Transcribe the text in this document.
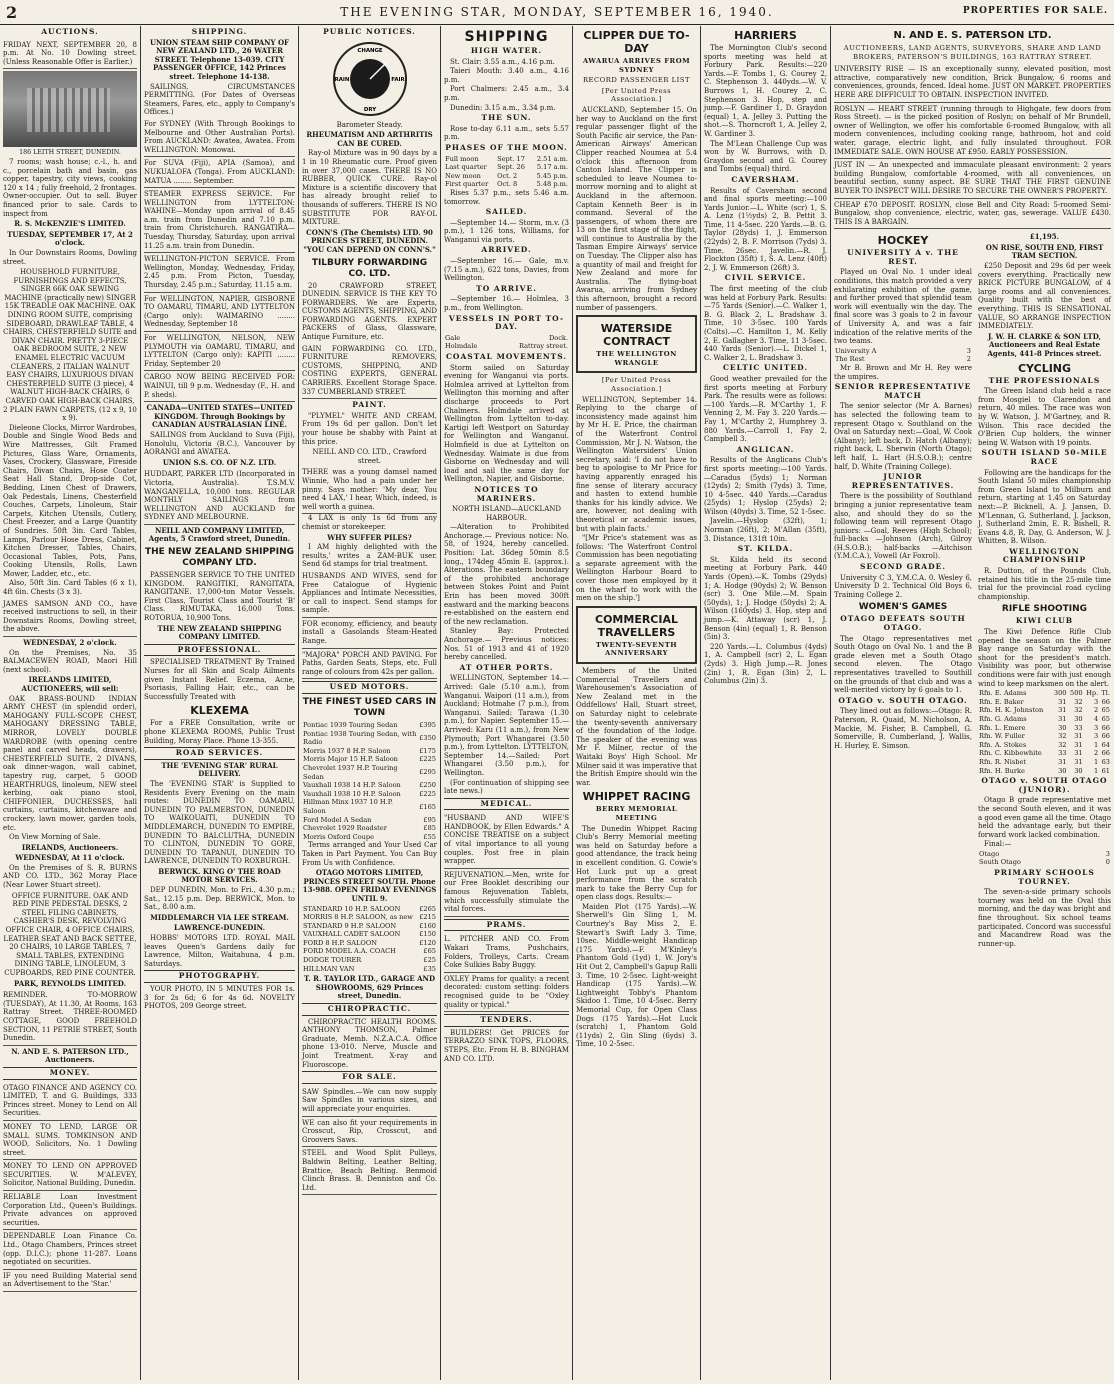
2	THE EVENING STAR, MONDAY, SEPTEMBER 16, 1940.	PROPERTIES FOR SALE.
AUCTIONS.
FRIDAY NEXT, SEPTEMBER 20, 8 p.m. At No. 10 Dowling street. (Unless Reasonable Offer is Earlier.)
186 LEITH STREET, DUNEDIN.
7 rooms; wash house; c.-l., h. and c., porcelain bath and basin, gas copper, tapestry, city views, cooking 120 x 14 ; fully freehold, 2 frontages. Owner-occupier. Out to sell. Buyer financed prior to sale. Cards to inspect from
R. S. McKENZIE'S LIMITED.
TUESDAY, SEPTEMBER 17, At 2 o'clock.
In Our Downstairs Rooms, Dowling street.
HOUSEHOLD FURNITURE, FURNISHINGS AND EFFECTS, SINGER 66K OAK SEWING MACHINE (practically new) SINGER 15K TREADLE OAK MACHINE. OAK DINING ROOM SUITE, comprising SIDEBOARD, DRAWLEAF TABLE, 4 CHAIRS, CHESTERFIELD SUITE and DIVAN CHAIR. PRETTY 3-PIECE OAK BEDROOM SUITE, 2 NEW ENAMEL ELECTRIC VACUUM CLEANERS, 2 ITALIAN WALNUT EASY CHAIRS, LUXURIOUS DIVAN CHESTERFIELD SUITE (3 piece), 4 WALNUT HIGH-BACK CHAIRS, 6 CARVED OAK HIGH-BACK CHAIRS, 2 PLAIN FAWN CARPETS, (12 x 9, 10 x 9).
Dieleone Clocks, Mirror Wardrobes, Double and Single Wood Beds and Wire Mattresses, Gilt Framed Pictures, Glass Ware, Ornaments, Vases, Crockery, Glassware, Fireside Chairs, Divan Chairs, Hose Coater Seat Hall Stand, Drop-side Cot, Bedding, Linen Chest of Drawers, Oak Pedestals, Linens, Chesterfield Couches, Carpets, Linoleum, Stair Carpets, Kitchen Utensils, Cutlery, Chest Freezer, and a Large Quantity of Sundries. 50ft 3in. Card Tables, Lamps, Parlour Hose Dress, Cabinet, Kitchen Dresser, Tables, Chairs, Occasional Tables, Pots, Pans, Cooking Utensils, Rolls, Lawn Mower, Ladder, etc., etc.
Also, 50ft 3in. Card Tables (6 x 1), 4ft 6in. Chests (3 x 3).
JAMES SAMSON AND CO., have received instructions to sell, in their Downstairs Rooms, Dowling street, the above.
WEDNESDAY, 2 o'clock.
On the Premises, No. 35 BALMACEWEN ROAD, Maori Hill (next school).
IRELANDS LIMITED, AUCTIONEERS, will sell:
OAK BRASS-BOUND INDIAN ARMY CHEST (in splendid order), MAHOGANY FULL-SCOPE CHEST, MAHOGANY DRESSING TABLE, MIRROR, LOVELY DOUBLE WARDROBE (with opening centre panel and carved heads, drawers), CHESTERFIELD SUITE, 2 DIVANS, oak dinner-wagon, wall cabinet, tapestry rug, carpet, 5 GOOD HEARTHRUGS, linoleum, NEW steel kerbing, oak piano stool, CHIFFONIER, DUCHESSES, hall curtains, curtains, kitchenware and crockery, lawn mower, garden tools, etc.
On View Morning of Sale.
IRELANDS, Auctioneers.
WEDNESDAY, At 11 o'clock.
On the Premises of S. R. BURNS AND CO. LTD., 362 Moray Place (Near Lower Stuart street).
OFFICE FURNITURE. OAK AND RED PINE PEDESTAL DESKS, 2 STEEL FILING CABINETS, CASHIER'S DESK, REVOLVING OFFICE CHAIR, 4 OFFICE CHAIRS, LEATHER SEAT AND BACK SETTEE, 20 CHAIRS, 10 LARGE TABLES, 7 SMALL TABLES, EXTENDING DINING TABLE, LINOLEUM, 3 CUPBOARDS, RED PINE COUNTER.
PARK, REYNOLDS LIMITED.
REMINDER. TO-MORROW (TUESDAY), At 11.30, At Rooms, 163 Rattray Street. THREE-ROOMED COTTAGE, GOOD FREEHOLD SECTION, 11 PETRIE STREET, South Dunedin.
N. AND E. S. PATERSON LTD., Auctioneers.
MONEY.
OTAGO FINANCE AND AGENCY CO. LIMITED, T. and G. Buildings, 333 Princes street. Money to Lend on All Securities.
MONEY TO LEND, LARGE OR SMALL SUMS. TOMKINSON AND WOOD, Solicitors, No. 1 Dowling street.
MONEY TO LEND ON APPROVED SECURITIES. W. M'ALEVEY, Solicitor, National Building, Dunedin.
RELIABLE Loan Investment Corporation Ltd., Queen's Buildings. Private advances on approved securities.
DEPENDABLE Loan Finance Co. Ltd., Otago Chambers, Princes street (opp. D.I.C.); phone 11-287. Loans negotiated on securities.
IF you need Building Material send an Advertisement to the 'Star.'
SHIPPING.
UNION STEAM SHIP COMPANY OF NEW ZEALAND LTD., 26 WATER STREET. Telephone 13-039. CITY PASSENGER OFFICE, 142 Princes street. Telephone 14-138.
SAILINGS, CIRCUMSTANCES PERMITTING. (For Dates of Overseas Steamers, Fares, etc., apply to Company's Offices.)
For SYDNEY (With Through Bookings to Melbourne and Other Australian Ports). From AUCKLAND: Awatea, Awatea. From WELLINGTON: Monowai.
For SUVA (Fiji), APIA (Samoa), and NUKUALOFA (Tonga). From AUCKLAND: MATUA ........ September.
STEAMER EXPRESS SERVICE. For WELLINGTON from LYTTELTON: WAHINE—Monday upon arrival of 8.45 a.m. train from Dunedin and 7.10 p.m. train from Christchurch. RANGATIRA—Tuesday, Thursday, Saturday, upon arrival 11.25 a.m. train from Dunedin.
WELLINGTON-PICTON SERVICE. From Wellington, Monday, Wednesday, Friday, 2.45 p.m. From Picton, Tuesday, Thursday, 2.45 p.m.; Saturday, 11.15 a.m.
For WELLINGTON, NAPIER, GISBORNE TO OAMARU, TIMARU, AND LYTTELTON (Cargo only): WAIMARINO ........ Wednesday, September 18
For WELLINGTON, NELSON, NEW PLYMOUTH via OAMARU, TIMARU, and LYTTELTON (Cargo only): KAPITI ........ Friday, September 20
CARGO NOW BEING RECEIVED FOR: WAINUI, till 9 p.m. Wednesday (F., H. and P. sheds).
CANADA—UNITED STATES—UNITED KINGDOM. Through Bookings by CANADIAN AUSTRALASIAN LINE.
SAILINGS from Auckland to Suva (Fiji), Honolulu, Victoria (B.C.), Vancouver by AORANGI and AWATEA.
UNION S.S. CO. OF N.Z. LTD.
HUDDART, PARKER LTD (Incorporated in Victoria, Australia). T.S.M.V. WANGANELLA, 10,000 tons. REGULAR MONTHLY SAILINGS from WELLINGTON AND AUCKLAND for SYDNEY AND MELBOURNE.
NEILL AND COMPANY LIMITED, Agents, 5 Crawford street, Dunedin.
THE NEW ZEALAND SHIPPING COMPANY LTD.
PASSENGER SERVICE TO THE UNITED KINGDOM. RANGITIKI, RANGITATA, RANGITANE. 17,000-ton Motor Vessels. First Class, Tourist Class and Tourist 'B' Class. RIMUTAKA, 16,000 Tons. ROTORUA, 10,900 Tons.
THE NEW ZEALAND SHIPPING COMPANY LIMITED.
PROFESSIONAL.
SPECIALISED TREATMENT By Trained Nurses for all Skin and Scalp Ailments given Instant Relief. Eczema, Acne, Psoriasis, Falling Hair, etc., can be Successfully Treated with
KLEXEMA
For a FREE Consultation, write or phone KLEXEMA ROOMS, Public Trust Building, Moray Place. Phone 13-355.
ROAD SERVICES.
THE 'EVENING STAR' RURAL DELIVERY.
The 'EVENING STAR' is Supplied to Residents Every Evening on the main routes: DUNEDIN TO OAMARU, DUNEDIN TO PALMERSTON, DUNEDIN TO WAIKOUAITI, DUNEDIN TO MIDDLEMARCH, DUNEDIN TO EMPIRE, DUNEDIN TO BALCLUTHA, DUNEDIN TO CLINTON, DUNEDIN TO GORE, DUNEDIN TO TAPANUI, DUNEDIN TO LAWRENCE, DUNEDIN TO ROXBURGH.
BERWICK. KING O' THE ROAD MOTOR SERVICES.
DEP DUNEDIN, Mon. to Fri., 4.30 p.m.; Sat., 12.15 p.m. Dep. BERWICK, Mon. to Sat., 8.00 a.m.
MIDDLEMARCH VIA LEE STREAM.
LAWRENCE-DUNEDIN.
HOBBS' MOTORS LTD. ROYAL MAIL leaves Queen's Gardens daily for Lawrence, Milton, Waitahuna, 4 p.m. Saturdays.
PHOTOGRAPHY.
YOUR PHOTO, IN 5 MINUTES FOR 1s. 3 for 2s 6d; 6 for 4s 6d. NOVELTY PHOTOS, 209 George street.
PUBLIC NOTICES.
CHANGE
FAIR
RAIN
DRY
Barometer Steady.
RHEUMATISM AND ARTHRITIS CAN BE CURED.
Ray-ol Mixture was in 90 days by a 1 in 10 Rheumatic cure. Proof given in over 37,000 cases. THERE IS NO RUBBER, QUICK CURE. Ray-ol Mixture is a scientific discovery that has already brought relief to thousands of sufferers. THERE IS NO SUBSTITUTE FOR RAY-OL MIXTURE.
CONN'S (The Chemists) LTD. 90 PRINCES STREET, DUNEDIN. "YOU CAN DEPEND ON CONN'S."
TILBURY FORWARDING CO. LTD.
20 CRAWFORD STREET, DUNEDIN. SERVICE IS THE KEY TO FORWARDERS. We are Experts, CUSTOMS AGENTS, SHIPPING, AND FORWARDING AGENTS. EXPERT PACKERS of Glass, Glassware, Antique Furniture, etc.
GAIN FORWARDING CO. LTD., FURNITURE REMOVERS, CUSTOMS, SHIPPING, AND COSTING EXPERTS, GENERAL CARRIERS. Excellent Storage Space. 337 CUMBERLAND STREET.
PAINT.
"PLYMEL" WHITE AND CREAM, From 19s 6d per gallon. Don't let your house be shabby with Paint at this price.
NEILL AND CO. LTD., Crawford street.
THERE was a young damsel named Winnie, Who had a pain under her pinny. Says mother: 'My dear, You need 4 LAX,' I hear, Which, indeed, is well worth a guinea.
4 LAX is only 1s 6d from any chemist or storekeeper.
WHY SUFFER PILES?
I AM highly delighted with the results,' writes a ZAM-BUK user. Send 6d stamps for trial treatment.
HUSBANDS AND WIVES, send for Free Catalogue of Hygienic Appliances and Intimate Necessities, or call to inspect. Send stamps for sample.
FOR economy, efficiency, and beauty install a Gasolands Steam-Heated Range.
"MAJORA" PORCH AND PAVING. For Paths, Garden Seats, Steps, etc. Full range of colours from 42s per gallon.
USED MOTORS.
THE FINEST USED CARS IN TOWN
Pontiac 1939 Touring Sedan	£395
Pontiac 1938 Touring Sedan, with Radio	£350
Morris 1937 8 H.P. Saloon	£175
Morris Major 15 H.P. Saloon	£225
Chevrolet 1937 H.P. Touring Sedan	£295
Vauxhall 1938 14 H.P. Saloon	£250
Vauxhall 1938 10 H.P. Saloon	£225
Hillman Minx 1937 10 H.P. Saloon	£165
Ford Model A Sedan	£95
Chevrolet 1929 Roadster	£85
Morris Oxford Coupe	£55
Terms arranged and Your Used Car Taken in Part Payment. You Can Buy From Us with Confidence.
OTAGO MOTORS LIMITED, PRINCES STREET SOUTH. Phone 13-988. OPEN FRIDAY EVENINGS UNTIL 9.
STANDARD 10 H.P. SALOON	£265
MORRIS 8 H.P. SALOON, as new	£215
STANDARD 9 H.P. SALOON	£160
VAUXHALL CADET SALOON	£150
FORD 8 H.P. SALOON	£120
FORD MODEL A.A. COACH	£65
DODGE TOURER	£25
HILLMAN VAN	£35
T. R. TAYLOR LTD., GARAGE AND SHOWROOMS, 629 Princes street, Dunedin.
CHIROPRACTIC.
CHIROPRACTIC HEALTH ROOMS. ANTHONY THOMSON, Palmer Graduate, Memb. N.Z.A.C.A. Office phone 13-010. Nerve, Muscle and Joint Treatment. X-ray and Fluoroscope.
FOR SALE.
SAW Spindles.—We can now supply Saw Spindles in various sizes, and will appreciate your enquiries.
WE can also fit your requirements in Crosscut, Rip, Crosscut, and Groovers Saws.
STEEL and Wood Split Pulleys, Baldwin Belting, Leather Belting, Brattice, Beach Belting. Benmoid Clinch Brass. B. Denniston and Co. Ltd.
SHIPPING
HIGH WATER.
St. Clair: 3.55 a.m., 4.16 p.m.
Taieri Mouth: 3.40 a.m., 4.16 p.m.
Port Chalmers: 2.45 a.m., 3.4 p.m.
Dunedin: 3.15 a.m., 3.34 p.m.
THE SUN.
Rose to-day 6.11 a.m., sets 5.57 p.m.
PHASES OF THE MOON.
Full moon	Sept. 17	2.51 a.m.
Last quarter	Sept. 26	5.17 a.m.
New moon	Oct. 2	5.45 p.m.
First quarter	Oct. 8	5.48 p.m.
Rises 5.37 p.m., sets 5.46 a.m. tomorrow.
SAILED.
—September 14.— Storm, m.v. (3 p.m.), 1 126 tons, Williams, for Wanganui via ports.
ARRIVED.
—September 16.— Gale, m.v. (7.15 a.m.), 622 tons, Davies, from Wellington.
TO ARRIVE.
—September 16.— Holmlea, 3 p.m., from Wellington.
VESSELS IN PORT TO-DAY.
Gale	Dock.
Holmdale	Rattray street.
COASTAL MOVEMENTS.
Storm sailed on Saturday evening for Wanganui via ports. Holmlea arrived at Lyttelton from Wellington this morning and after discharge proceeds to Port Chalmers. Holmdale arrived at Wellington from Lyttelton to-day. Kartigi left Westport on Saturday for Wellington and Wanganui. Holmfield is due at Lyttelton on Wednesday. Waimate is due from Gisborne on Wednesday and will load and sail the same day for Wellington, Napier, and Gisborne.
NOTICES TO MARINERS.
NORTH ISLAND—AUCKLAND HARBOUR.
—Alteration to Prohibited Anchorage.— Previous notice: No. 58, of 1924, hereby cancelled. Position: Lat. 36deg 50min 8.5 long., 174deg 45min E. (approx.). Alterations. The eastern boundary of the prohibited anchorage between Stokes Point and Point Erin has been moved 300ft eastward and the marking beacons re-established on the eastern end of the new reclamation.
Stanley Bay: Protected Anchorage.— Previous notices: Nos. 51 of 1913 and 41 of 1920 hereby cancelled.
AT OTHER PORTS.
WELLINGTON, September 14.—Arrived: Gale (5.10 a.m.), from Wanganui. Waipori (11 a.m.), from Auckland; Hotmahe (7 p.m.), from Wanganui. Sailed: Tarawa (1.30 p.m.), for Napier. September 15.—Arrived: Karu (11 a.m.), from New Plymouth; Port Whangarei (3.50 p.m.), from Lyttelton. LYTTELTON, September 14.—Sailed: Port Whangarei (3.50 p.m.), for Wellington.
(For continuation of shipping see late news.)
MEDICAL.
"HUSBAND AND WIFE'S HANDBOOK, by Ellen Edwards." A CONCISE TREATISE on a subject of vital importance to all young couples. Post free in plain wrapper.
REJUVENATION.—Men, write for our Free Booklet describing our famous Rejuvenation Tablets, which successfully stimulate the vital forces.
PRAMS.
L. PITCHER AND CO. From Wakari Trams, Pushchairs, Folders, Trolleys, Carts. Cream Coke Sulkies Baby Buggy.
OXLEY Prams for quality: a recent decorated: custom setting: folders recognised guide to be "Oxley quality or typical."
TENDERS.
BUILDERS! Get PRICES for TERRAZZO SINK TOPS, FLOORS, STEPS, Etc. From H. B. BINGHAM AND CO. LTD.
CLIPPER DUE TO-DAY
AWARUA ARRIVES FROM SYDNEY
RECORD PASSENGER LIST
[Per United Press Association.]
AUCKLAND, September 15. On her way to Auckland on the first regular passenger flight of the South Pacific air service, the Pan-American Airways' American Clipper reached Noumea at 5.4 o'clock this afternoon from Canton Island. The Clipper is scheduled to leave Noumea to-morrow morning and to alight at Auckland in the afternoon. Captain Kenneth Beer is in command. Several of the passengers, of whom there are 13 on the first stage of the flight, will continue to Australia by the Tasman Empire Airways' service on Tuesday. The Clipper also has a quantity of mail and freight for New Zealand and more for Australia. The flying-boat Awarua, arriving from Sydney this afternoon, brought a record number of passengers.
WATERSIDE CONTRACT
THE WELLINGTON WRANGLE
[Per United Press Association.]
WELLINGTON, September 14. Replying to the charge of inconsistency made against him by Mr H. E. Price, the chairman of the Waterfront Control Commission, Mr J. N. Watson, the Wellington Watersiders' Union secretary, said: 'I do not have to beg to apologise to Mr Price for having apparently enraged his fine sense of literary accuracy and hasten to extend humble thanks for his kindly advice. We are, however, not dealing with theoretical or academic issues, but with plain facts.'
"[Mr Price's statement was as follows: 'The Waterfront Control Commission has been negotiating a separate agreement with the Wellington Harbour Board to cover those men employed by it on the wharf to work with the men on the ship.']
COMMERCIAL TRAVELLERS
TWENTY-SEVENTH ANNIVERSARY
Members of the United Commercial Travellers and Warehousemen's Association of New Zealand met in the Oddfellows' Hall, Stuart street, on Saturday night to celebrate the twenty-seventh anniversary of the foundation of the lodge. The speaker of the evening was Mr F. Milner, rector of the Waitaki Boys' High School. Mr Milner said it was imperative that the British Empire should win the war.
WHIPPET RACING
BERRY MEMORIAL MEETING
The Dunedin Whippet Racing Club's Berry Memorial meeting was held on Saturday before a good attendance, the track being in excellent condition. G. Cowie's Hot Luck put up a great performance from the scratch mark to take the Berry Cup for open class dogs. Results:—
Maiden Plot (175 Yards).—W. Sherwell's Gin Sling 1, M. Courtney's Bay Miss 2, E. Stewart's Swift Lady 3. Time, 10sec. Middle-weight Handicap (175 Yards).—F. M'Kinley's Phantom Gold (1yd) 1, W. Jory's Hit Out 2, Campbell's Gapup Ralli 3. Time, 10 2-5sec. Light-weight Handicap (175 Yards).—W. Lightweight Tobby's Phantom Skidoo 1. Time, 10 4-5sec. Berry Memorial Cup, for Open Class Dogs (175 Yards).—Hot Luck (scratch) 1, Phantom Gold (11yds) 2, Gin Sling (6yds) 3. Time, 10 2-5sec.
HARRIERS
The Mornington Club's second sports meeting was held at Forbury Park. Results:—220 Yards.—F. Tombs 1, G. Courey 2, C. Stephenson 3. 440yds.—W. V. Burrows 1, H. Courey 2, C. Stephenson 3. Hop, step and jump.—F. Gardiner 1, D. Graydon (equal) 1, A. Jelley 3. Putting the shot.—S. Thorncroft 1, A. Jelley 2, W. Gardiner 3.
The M'Lean Challenge Cup was won by W. Burrows, with D. Graydon second and G. Courey and Tombs (equal) third.
CAVERSHAM.
Results of Caversham second and final sports meeting:—100 Yards Junior.—L. White (scr) 1, S. A. Lenz (1½yds) 2, B. Pettit 3. Time, 11 4-5sec. 220 Yards.—B. G. Taylor (28yds) 1, J. Emmerson (22yds) 2, B. F. Morrison (7yds) 3. Time, 26sec. Javelin.—R. J. Flockton (35ft) 1, S. A. Lenz (40ft) 2, J. W. Emmerson (26ft) 3.
CIVIL SERVICE.
The first meeting of the club was held at Forbury Park. Results:—75 Yards (Senior).—C. Walker 1, B. G. Black 2, L. Bradshaw 3. Time, 10 3-5sec. 100 Yards (Colts).—C. Hamilton 1, M. Kelly 2, E. Gallagher 3. Time, 11 3-5sec. 440 Yards (Senior).—L. Dickel 1, C. Walker 2, L. Bradshaw 3.
CELTIC UNITED.
Good weather prevailed for the first sports meeting at Forbury Park. The results were as follows:—100 Yards.—R. M'Carthy 1, F. Venning 2, M. Fay 3. 220 Yards.—Fay 1, M'Carthy 2, Humphrey 3. 880 Yards.—Carroll 1, Fay 2, Campbell 3.
ANGLICAN.
Results of the Anglicans Club's first sports meeting:—100 Yards.—Caradus (5yds) 1; Norman (12yds) 2; Smith (7yds) 3. Time, 10 4-5sec. 440 Yards.—Caradus (25yds) 1; Hyslop (25yds) 2; Wilson (40yds) 3. Time, 52 1-5sec.
Javelin.—Hyslop (32ft), 1; Norman (26ft), 2; M'Allan (35ft), 3. Distance, 131ft 10in.
ST. KILDA.
St. Kilda held its second meeting at Forbury Park. 440 Yards (Open).—K. Tombs (29yds) 1; A. Hodge (90yds) 2; W. Benson (scr) 3. One Mile.—M. Spain (50yds), 1; J. Hodge (50yds) 2; A. Wilson (160yds) 3. Hop, step and jump.—K. Attaway (scr) 1, J. Benson (4in) (equal) 1, R. Benson (5in) 3.
220 Yards.—L. Columbus (4yds) 1, A. Campbell (scr) 2, L. Egan (2yds) 3. High Jump.—R. Jones (2in) 1, R. Egan (3in) 2, L. Columbus (2in) 3.
N. AND E. S. PATERSON LTD.
AUCTIONEERS, LAND AGENTS, SURVEYORS, SHARE AND LAND BROKERS, PATERSON'S BUILDINGS, 163 RATTRAY STREET.
UNIVERSITY RISE — IS an exceptionally sunny, elevated position, most attractive, comparatively new condition, Brick Bungalow, 6 rooms and conveniences, grounds, fenced. Ideal home. JUST ON MARKET. PROPERTIES HERE ARE DIFFICULT TO OBTAIN. INSPECTION INVITED.
ROSLYN — HEART STREET (running through to Highgate, few doors from Ross Street). — is the picked position of Roslyn; on behalf of Mr Brundell, owner of Wellington, we offer his comfortable 6-roomed Bungalow, with all modern conveniences, including cooking range, bathroom, hot and cold water, garage, electric light, and fully insulated throughout. FOR IMMEDIATE SALE. OWN HOUSE AT £950. EARLY POSSESSION.
JUST IN — An unexpected and immaculate pleasant environment: 2 years building Bungalow, comfortable 4-roomed, with all conveniences, on beautiful section, sunny aspect. BE SURE THAT THE FIRST GENUINE BUYER TO INSPECT WILL DESIRE TO SECURE THE OWNER'S PROPERTY.
CHEAP £70 DEPOSIT. ROSLYN, close Bell and City Road: 5-roomed Semi-Bungalow, shop convenience, electric, water, gas, sewerage. VALUE £430. THIS IS A BARGAIN.
HOCKEY
UNIVERSITY A v. THE REST.
Played on Oval No. 1 under ideal conditions, this match provided a very exhilarating exhibition of the game, and further proved that splendid team work will eventually win the day. The final score was 3 goals to 2 in favour of University A, and was a fair indication of the relative merits of the two teams.
University A	3
The Rest	2
Mr B. Brown and Mr H. Rey were the umpires.
SENIOR REPRESENTATIVE MATCH
The senior selector (Mr A. Barnes) has selected the following team to represent Otago v. Southland on the Oval on Saturday next:—Goal, W. Cook (Albany); left back, D. Hatch (Albany); right back, L. Sherwin (North Otago); left half, L. Hart (H.S.O.B.); centre half, D. White (Training College).
JUNIOR REPRESENTATIVES.
There is the possibility of Southland bringing a junior representative team also, and should they do so the following team will represent Otago juniors: —Goal, Reeves (High School); full-backs —Johnson (Arch), Gilroy (H.S.O.B.); half-backs —Aitchison (Y.M.C.A.), Vowell (Ar Foxrol).
SECOND GRADE.
University C 3, Y.M.C.A. 0. Wesley 6, University D 2. Technical Old Boys 6, Training College 2.
WOMEN'S GAMES
OTAGO DEFEATS SOUTH OTAGO.
The Otago representatives met South Otago on Oval No. 1 and the B grade eleven met a South Otago second eleven. The Otago representatives travelled to Southill on the grounds of that club and was a well-merited victory by 6 goals to 1.
OTAGO v. SOUTH OTAGO.
They lined out as follows:—Otago: R. Paterson, R. Quaid, M. Nicholson, A. Mackie, M. Fisher, B. Campbell, G. Somerville, B. Cumberland, J. Wallis, H. Hurley, E. Simson.
£1,195.
ON RISE, SOUTH END, FIRST TRAM SECTION.
£250 Deposit and 29s 6d per week covers everything. Practically new BRICK PICTURE BUNGALOW, of 4 large rooms and all conveniences. Quality built with the best of everything. THIS IS SENSATIONAL VALUE, SO ARRANGE INSPECTION IMMEDIATELY.
J. W. H. CLARKE & SON LTD, Auctioneers and Real Estate Agents, 441-8 Princes street.
CYCLING
THE PROFESSIONALS
The Green Island club held a race from Mosgiel to Clarendon and return, 40 miles. The race was won by W. Watson, J. M'Gartney, and R. Wilson. This race decided the O'Brien Cup holders, the winner being W. Watson with 19 points.
SOUTH ISLAND 50-MILE RACE
Following are the handicaps for the South Island 50 miles championship from Green Island to Milburn and return, starting at 1.45 on Saturday next:—P. Bicknell, A. J. Jansen, D. M'Lennan, G. Sutherland, J. Jackson, J. Sutherland 2min, E. R. Bishell, R. Evans 4.8, R. Day, G. Anderson, W. J. Whitten, B. Wilson.
WELLINGTON CHAMPIONSHIP
R. Dutton, of the Pounds Club, retained his title in the 25-mile time trial for the provincial road cycling championship.
RIFLE SHOOTING
KIWI CLUB
The Kiwi Defence Rifle Club opened the season on the Palmer Bay range on Saturday with the shoot for the president's match. Visibility was poor, but otherwise conditions were fair with just enough wind to keep marksmen on the alert.
Rfn. E. Adams	300	500	Hp.	Tl.
Rfn. E. Baker	31	32	3	66
Rfn. H. K. Johnston	31	32	2	65
Rfn. G. Adams	31	30	4	65
Rfn. L. Emere	30	33	3	66
Rfn. W. Fuller	32	31	3	66
Rfn. A. Stokes	32	31	1	64
Rfn. C. Kibbewhite	33	31	2	66
Rfn. R. Nisbet	31	31	1	63
Rfn. H. Burke	30	30	1	61
OTAGO v. SOUTH OTAGO (JUNIOR).
Otago B grade representative met the second South eleven, and it was a good even game all the time. Otago held the advantage early, but their forward work lacked combination.
Final:—
Otago	3
South Otago	0
PRIMARY SCHOOLS TOURNEY.
The seven-a-side primary schools tourney was held on the Oval this morning, and the day was bright and fine throughout. Six school teams participated. Concord was successful and Macandrew Road was the runner-up.
